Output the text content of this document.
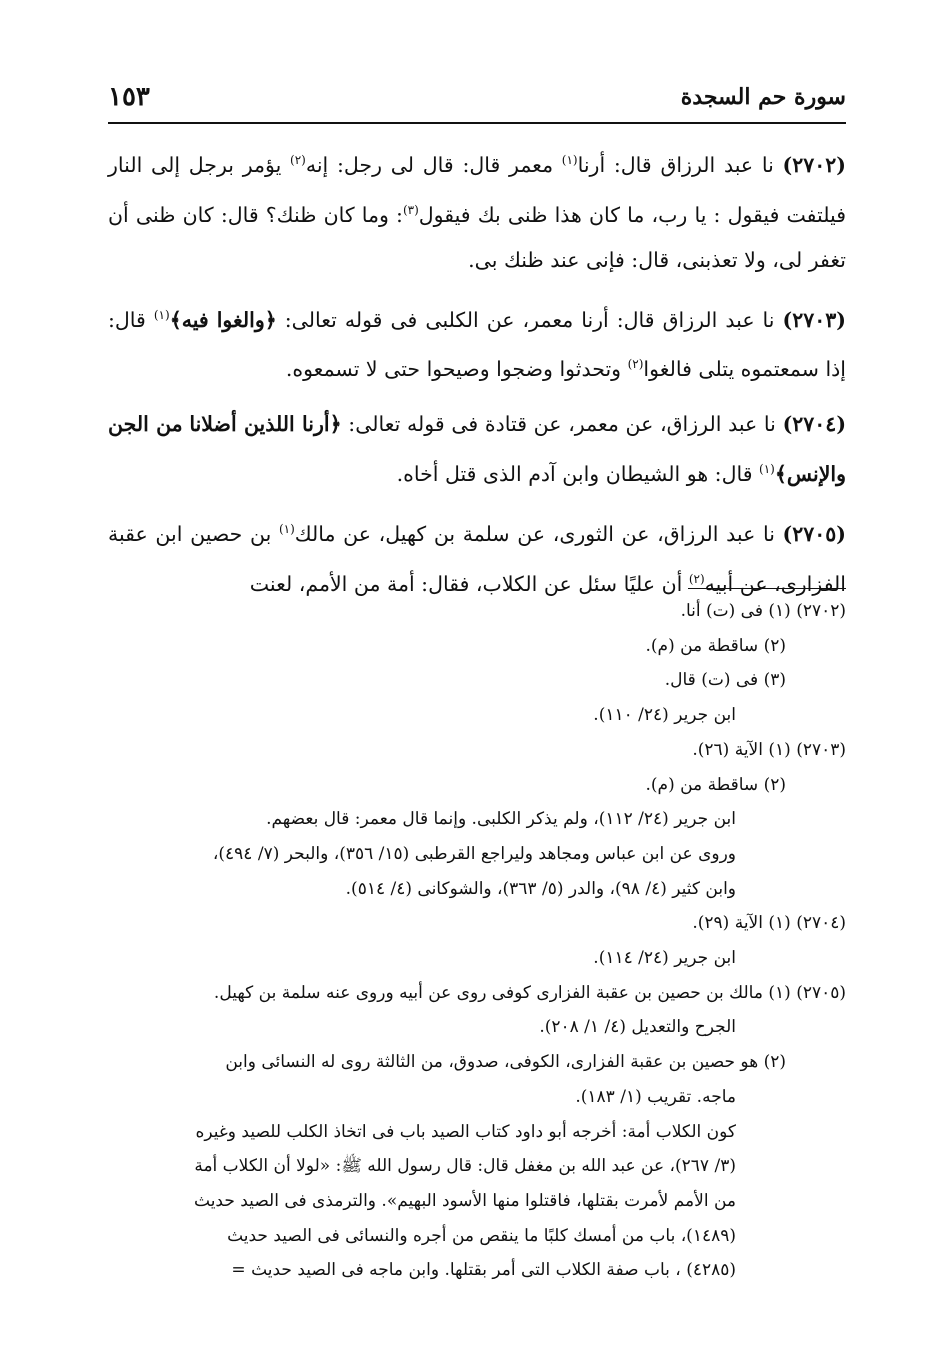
سورة حم السجدة
١٥٣

(٢٧٠٢) نا عبد الرزاق قال: أرنا$^{(١)}$ معمر قال: قال لى رجل: إنه$^{(٢)}$ يؤمر برجل إلى النار فيلتفت فيقول : يا رب، ما كان هذا ظنى بك فيقول$^{(٣)}$: وما كان ظنك؟ قال: كان ظنى أن تغفر لى، ولا تعذبنى، قال: فإنى عند ظنك بى.

(٢٧٠٣) نا عبد الرزاق قال: أرنا معمر، عن الكلبى فى قوله تعالى: ﴿والغوا فيه﴾$^{(١)}$ قال: إذا سمعتموه يتلى فالغوا$^{(٢)}$ وتحدثوا وضجوا وصيحوا حتى لا تسمعوه.

(٢٧٠٤) نا عبد الرزاق، عن معمر، عن قتادة فى قوله تعالى: ﴿أرنا اللذين أضلانا من الجن والإنس﴾$^{(١)}$ قال: هو الشيطان وابن آدم الذى قتل أخاه.

(٢٧٠٥) نا عبد الرزاق، عن الثورى، عن سلمة بن كهيل، عن مالك$^{(١)}$ بن حصين ابن عقبة الفزارى، عن أبيه$^{(٢)}$ أن عليًا سئل عن الكلاب، فقال: أمة من الأمم، لعنت

(٢٧٠٢) (١) فى (ت) أنا.
(٢) ساقطة من (م).
(٣) فى (ت) قال.
ابن جرير (٢٤/ ١١٠).
(٢٧٠٣) (١) الآية (٢٦).
(٢) ساقطة من (م).
ابن جرير (٢٤/ ١١٢)، ولم يذكر الكلبى. وإنما قال معمر: قال بعضهم.
وروى عن ابن عباس ومجاهد وليراجع القرطبى (١٥/ ٣٥٦)، والبحر (٧/ ٤٩٤)،
وابن كثير (٤/ ٩٨)، والدر (٥/ ٣٦٣)، والشوكانى (٤/ ٥١٤).
(٢٧٠٤) (١) الآية (٢٩).
ابن جرير (٢٤/ ١١٤).
(٢٧٠٥) (١) مالك بن حصين بن عقبة الفزارى كوفى روى عن أبيه وروى عنه سلمة بن كهيل.
الجرح والتعديل (٤/ ١/ ٢٠٨).
(٢) هو حصين بن عقبة الفزارى، الكوفى، صدوق، من الثالثة روى له النسائى وابن
ماجه. تقريب (١/ ١٨٣).
كون الكلاب أمة: أخرجه أبو داود كتاب الصيد باب فى اتخاذ الكلب للصيد وغيره
(٣/ ٢٦٧)، عن عبد الله بن مغفل قال: قال رسول الله ﷺ: «لولا أن الكلاب أمة
من الأمم لأمرت بقتلها، فاقتلوا منها الأسود البهيم». والترمذى فى الصيد حديث
(١٤٨٩)، باب من أمسك كلبًا ما ينقص من أجره والنسائى فى الصيد حديث
(٤٢٨٥) ، باب صفة الكلاب التى أمر بقتلها. وابن ماجه فى الصيد حديث =
